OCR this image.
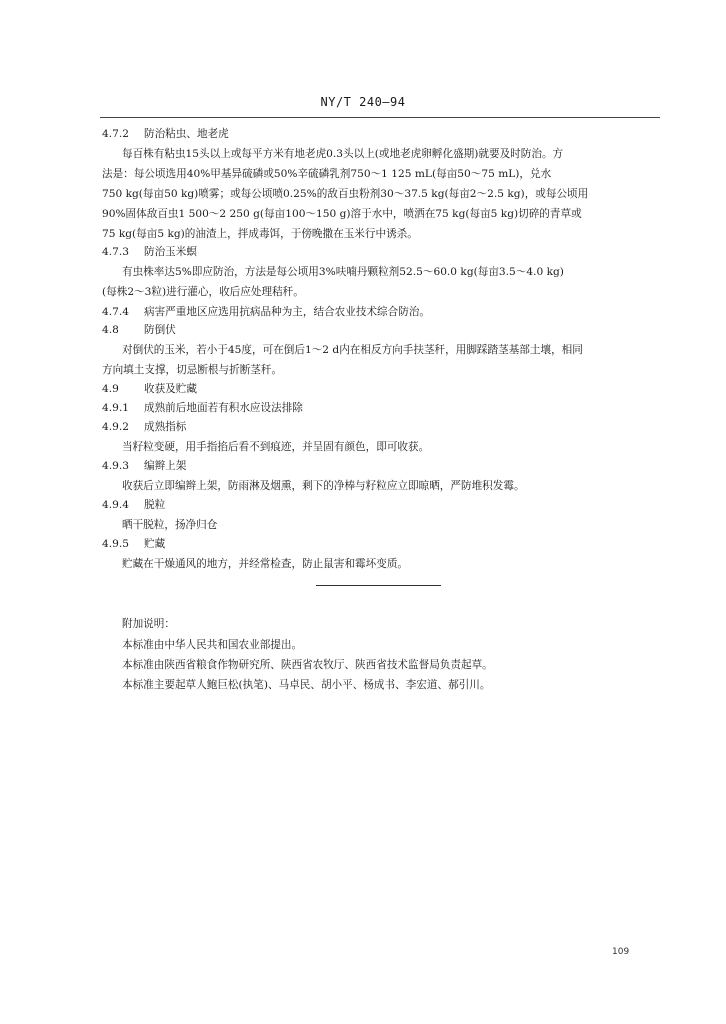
NY/T 240—94
4.7.2 防治粘虫、地老虎
每百株有粘虫15头以上或每平方米有地老虎0.3头以上(或地老虎卵孵化盛期)就要及时防治。方
法是：每公顷选用40%甲基异硫磷或50%辛硫磷乳剂750～1 125 mL(每亩50～75 mL)，兑水
750 kg(每亩50 kg)喷雾；或每公顷喷0.25%的敌百虫粉剂30～37.5 kg(每亩2～2.5 kg)，或每公顷用
90%固体敌百虫1 500～2 250 g(每亩100～150 g)溶于水中，喷洒在75 kg(每亩5 kg)切碎的青草或
75 kg(每亩5 kg)的油渣上，拌成毒饵，于傍晚撒在玉米行中诱杀。
4.7.3 防治玉米螟
有虫株率达5%即应防治，方法是每公顷用3%呋喃丹颗粒剂52.5～60.0 kg(每亩3.5～4.0 kg)
(每株2～3粒)进行灌心，收后应处理秸秆。
4.7.4 病害严重地区应选用抗病品种为主，结合农业技术综合防治。
4.8 防倒伏
对倒伏的玉米，若小于45度，可在倒后1～2 d内在相反方向手扶茎秆，用脚踩踏茎基部土壤，相同
方向填土支撑，切忌断根与折断茎秆。
4.9 收获及贮藏
4.9.1 成熟前后地面若有积水应设法排除
4.9.2 成熟指标
当籽粒变硬，用手指掐后看不到痕迹，并呈固有颜色，即可收获。
4.9.3 编辫上架
收获后立即编辫上架，防雨淋及烟熏，剩下的净棒与籽粒应立即晾晒，严防堆积发霉。
4.9.4 脱粒
晒干脱粒，扬净归仓
4.9.5 贮藏
贮藏在干燥通风的地方，并经常检查，防止鼠害和霉坏变质。
附加说明：
本标准由中华人民共和国农业部提出。
本标准由陕西省粮食作物研究所、陕西省农牧厅、陕西省技术监督局负责起草。
本标准主要起草人鲍巨松(执笔)、马卓民、胡小平、杨成书、李宏道、郝引川。
109
